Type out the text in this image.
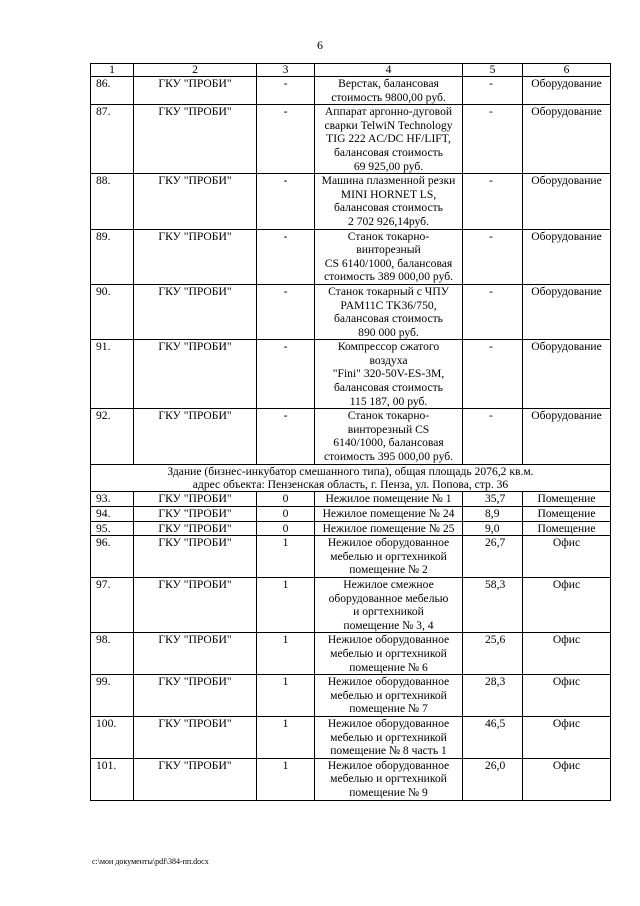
6
1	2	3	4	5	6
86.	ГКУ "ПРОБИ"	-	Верстак, балансовая
стоимость 9800,00 руб.	-	Оборудование
87.	ГКУ "ПРОБИ"	-	Аппарат аргонно-дуговой
сварки TelwiN Technology
TIG 222 AC/DC HF/LIFT,
балансовая стоимость
69 925,00 руб.	-	Оборудование
88.	ГКУ "ПРОБИ"	-	Машина плазменной резки
MINI HORNET LS,
балансовая стоимость
2 702 926,14руб.	-	Оборудование
89.	ГКУ "ПРОБИ"	-	Станок токарно-
винторезный
CS 6140/1000, балансовая
стоимость 389 000,00 руб.	-	Оборудование
90.	ГКУ "ПРОБИ"	-	Станок токарный с ЧПУ
PAM11C TK36/750,
балансовая стоимость
890 000 руб.	-	Оборудование
91.	ГКУ "ПРОБИ"	-	Компрессор сжатого
воздуха
"Fini" 320-50V-ES-3M,
балансовая стоимость
115 187, 00 руб.	-	Оборудование
92.	ГКУ "ПРОБИ"	-	Станок токарно-
винторезный CS
6140/1000, балансовая
стоимость 395 000,00 руб.	-	Оборудование
Здание (бизнес-инкубатор смешанного типа), общая площадь 2076,2 кв.м.
адрес объекта: Пензенская область, г. Пенза, ул. Попова, стр. 36					
93.	ГКУ "ПРОБИ"	0	Нежилое помещение № 1	35,7	Помещение
94.	ГКУ "ПРОБИ"	0	Нежилое помещение № 24	8,9	Помещение
95.	ГКУ "ПРОБИ"	0	Нежилое помещение № 25	9,0	Помещение
96.	ГКУ "ПРОБИ"	1	Нежилое оборудованное
мебелью и оргтехникой
помещение № 2	26,7	Офис
97.	ГКУ "ПРОБИ"	1	Нежилое смежное
оборудованное мебелью
и оргтехникой
помещение № 3, 4	58,3	Офис
98.	ГКУ "ПРОБИ"	1	Нежилое оборудованное
мебелью и оргтехникой
помещение № 6	25,6	Офис
99.	ГКУ "ПРОБИ"	1	Нежилое оборудованное
мебелью и оргтехникой
помещение № 7	28,3	Офис
100.	ГКУ "ПРОБИ"	1	Нежилое оборудованное
мебелью и оргтехникой
помещение № 8 часть 1	46,5	Офис
101.	ГКУ "ПРОБИ"	1	Нежилое оборудованное
мебелью и оргтехникой
помещение № 9	26,0	Офис
c:\мои документы\pdf\384-пп.docx
